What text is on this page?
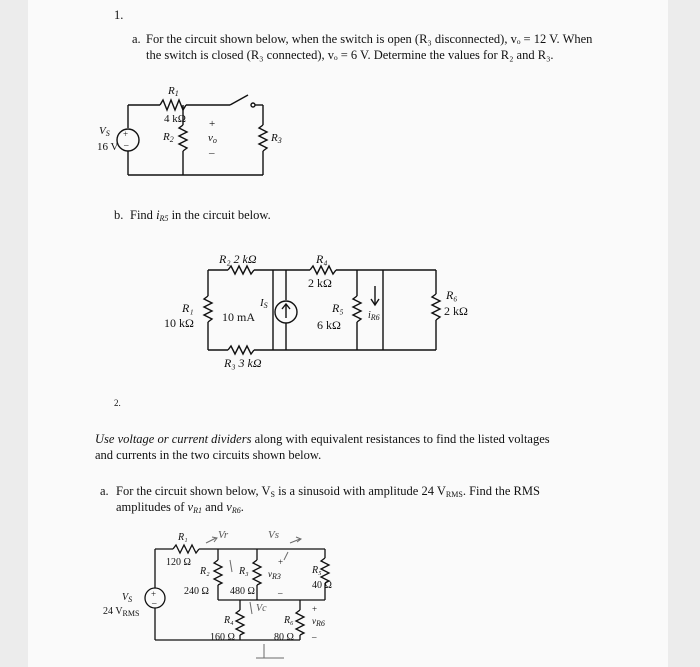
1.
a. For the circuit shown below, when the switch is open (R₃ disconnected), vₒ = 12 V. When
the switch is closed (R₃ connected), vₒ = 6 V. Determine the values for R₂ and R₃.
+
–
$V_S$
16 V
$R_1$
4 kΩ
$R_2$
+
$v_o$
–
$R_3$
b. Find $i_{R5}$ in the circuit below.
R₂ 2 kΩ	R₄
2 kΩ
R₁
10 kΩ
$I_S$
10 mA
R₅
6 kΩ
$i_{R6}$
R₆
2 kΩ
R₃ 3 kΩ
2.
Use voltage or current dividers along with equivalent resistances to find the listed voltages
and currents in the two circuits shown below.
a. For the circuit shown below, $V_S$ is a sinusoid with amplitude 24 $V_{RMS}$. Find the RMS
amplitudes of $v_{R1}$ and $v_{R6}$.
+
–
R₁
120 Ω
Vr	Vs
R₂
240 Ω
R₃
480 Ω
+
vR3
–
R₅
40 Ω
$V_S$
24 $V_{RMS}$	Vc
R₄
160 Ω
R₆
80 Ω
+
vR6
–
